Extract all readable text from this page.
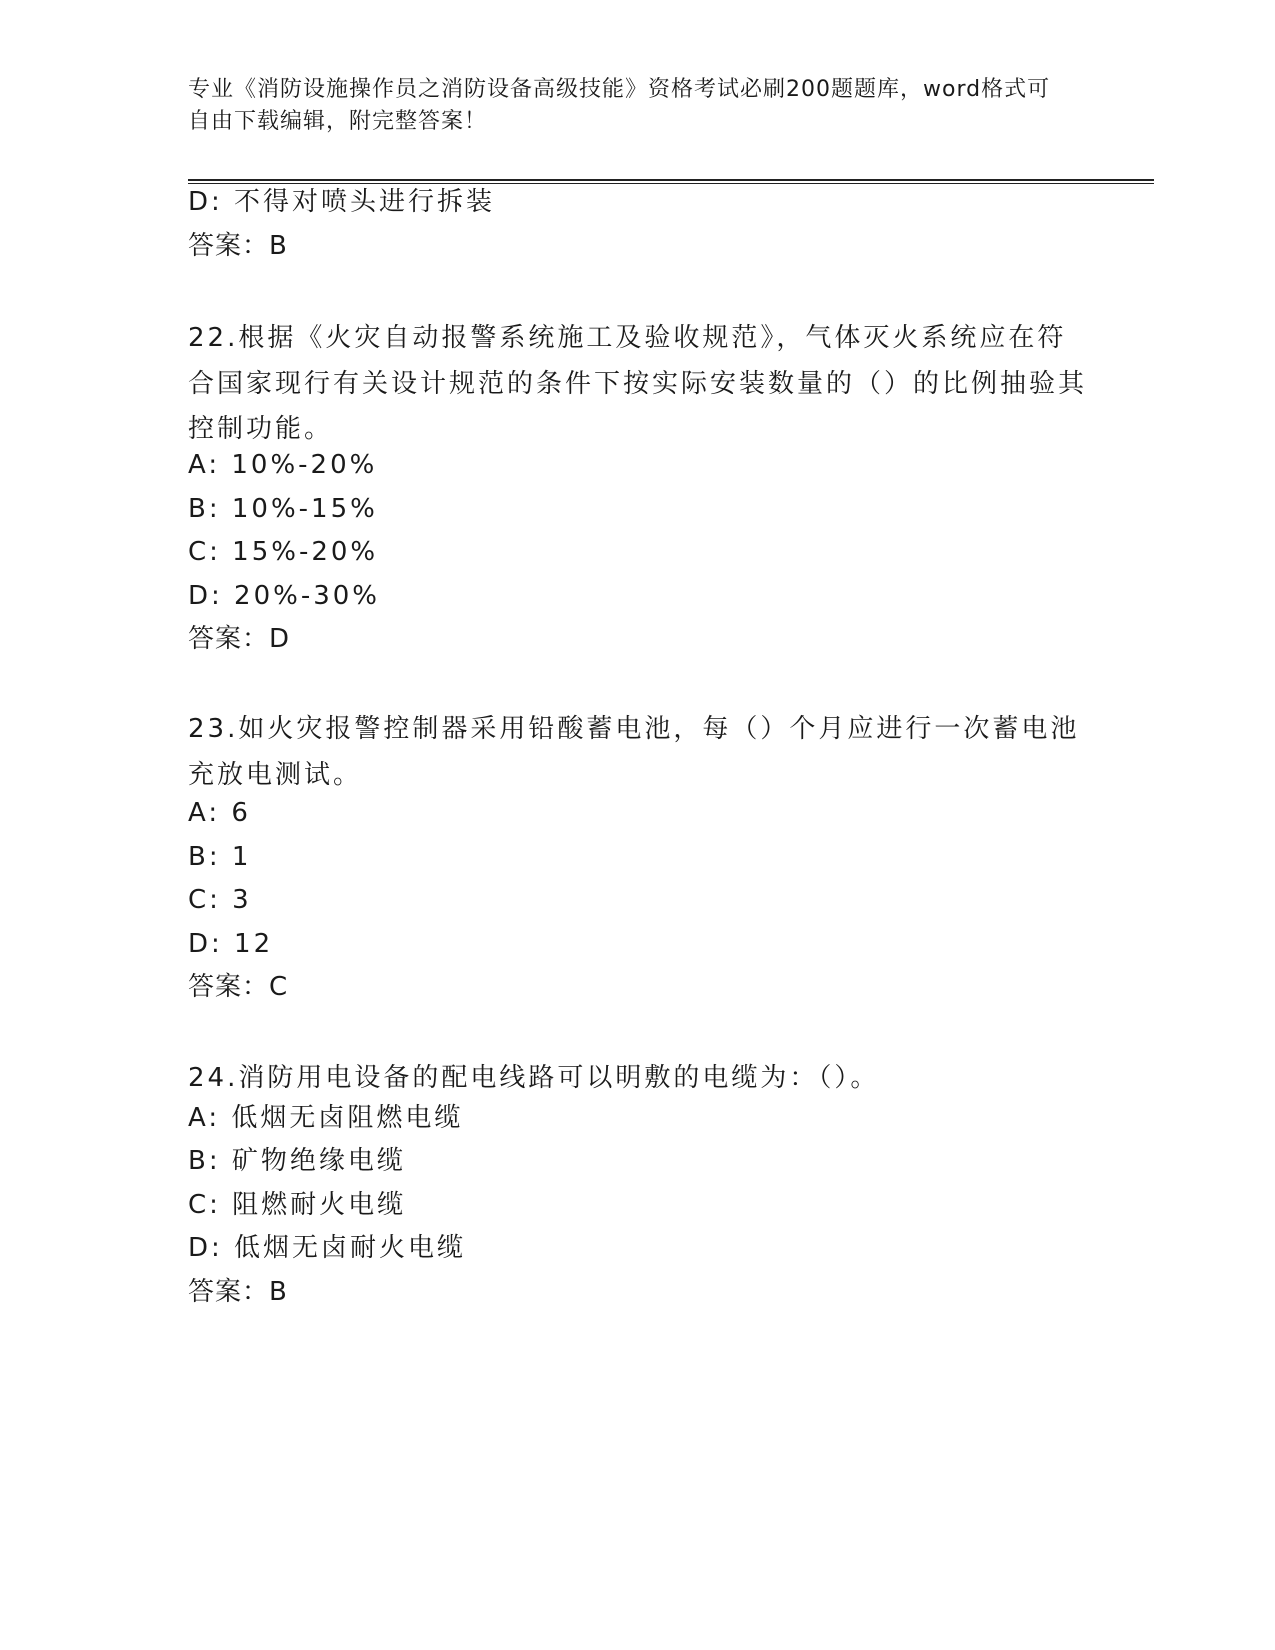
专业《消防设施操作员之消防设备高级技能》资格考试必刷200题题库，word格式可自由下载编辑，附完整答案！
D: 不得对喷头进行拆装
答案：B
22.根据《火灾自动报警系统施工及验收规范》，气体灭火系统应在符合国家现行有关设计规范的条件下按实际安装数量的（）的比例抽验其控制功能。
A: 10%-20%
B: 10%-15%
C: 15%-20%
D: 20%-30%
答案：D
23.如火灾报警控制器采用铅酸蓄电池，每（）个月应进行一次蓄电池充放电测试。
A: 6
B: 1
C: 3
D: 12
答案：C
24.消防用电设备的配电线路可以明敷的电缆为：（）。
A: 低烟无卤阻燃电缆
B: 矿物绝缘电缆
C: 阻燃耐火电缆
D: 低烟无卤耐火电缆
答案：B
